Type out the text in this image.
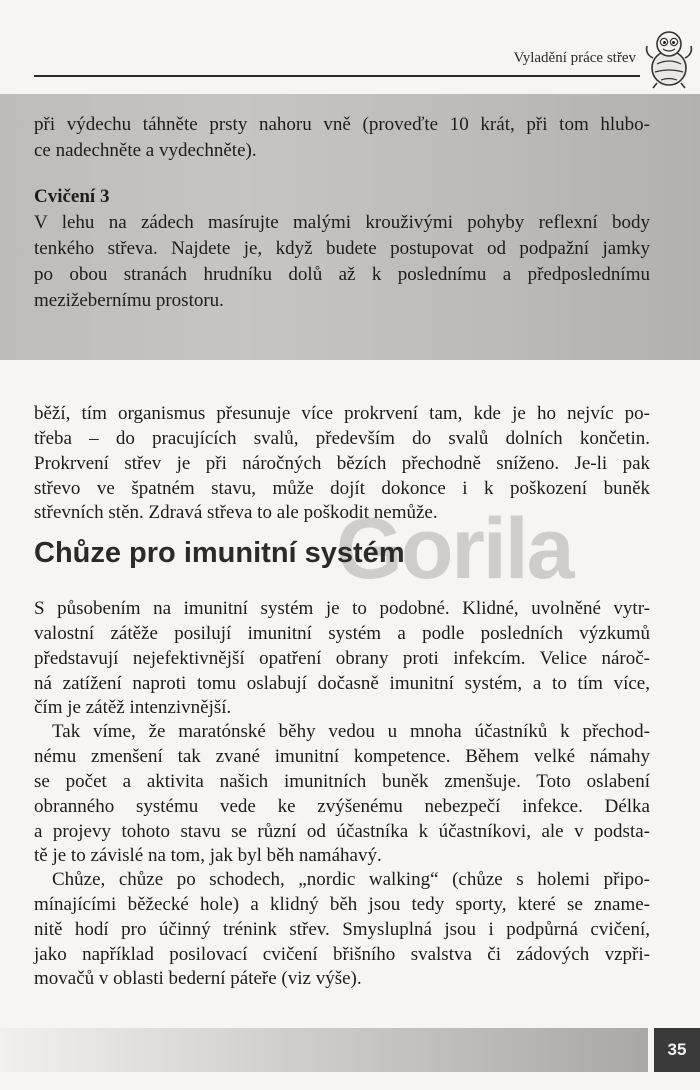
Vyladění práce střev
při výdechu táhněte prsty nahoru vně (proveďte 10 krát, při tom hlubo-
ce nadechněte a vydechněte).
Cvičení 3
V lehu na zádech masírujte malými krouživými pohyby reflexní body
tenkého střeva. Najdete je, když budete postupovat od podpažní jamky
po obou stranách hrudníku dolů až k poslednímu a předposlednímu
mezižebernímu prostoru.
běží, tím organismus přesunuje více prokrvení tam, kde je ho nejvíc po-
třeba – do pracujících svalů, především do svalů dolních končetin.
Prokrvení střev je při náročných bězích přechodně sníženo. Je-li pak
střevo ve špatném stavu, může dojít dokonce i k poškození buněk
střevních stěn. Zdravá střeva to ale poškodit nemůže.
Gorila
Chůze pro imunitní systém
S působením na imunitní systém je to podobné. Klidné, uvolněné vytr-
valostní zátěže posilují imunitní systém a podle posledních výzkumů
představují nejefektivnější opatření obrany proti infekcím. Velice nároč-
ná zatížení naproti tomu oslabují dočasně imunitní systém, a to tím více,
čím je zátěž intenzivnější.
Tak víme, že maratónské běhy vedou u mnoha účastníků k přechod-
nému zmenšení tak zvané imunitní kompetence. Během velké námahy
se počet a aktivita našich imunitních buněk zmenšuje. Toto oslabení
obranného systému vede ke zvýšenému nebezpečí infekce. Délka
a projevy tohoto stavu se různí od účastníka k účastníkovi, ale v podsta-
tě je to závislé na tom, jak byl běh namáhavý.
Chůze, chůze po schodech, „nordic walking“ (chůze s holemi připo-
mínajícími běžecké hole) a klidný běh jsou tedy sporty, které se zname-
nitě hodí pro účinný trénink střev. Smysluplná jsou i podpůrná cvičení,
jako například posilovací cvičení břišního svalstva či zádových vzpři-
movačů v oblasti bederní páteře (viz výše).
35
